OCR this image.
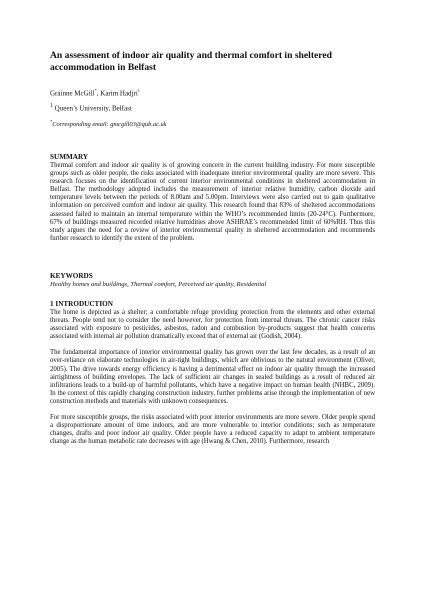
An assessment of indoor air quality and thermal comfort in sheltered accommodation in Belfast
Gráinne McGill*, Karim Hadjri$^1$
$^1$ Queen’s University, Belfast
*Corresponding email: gmcgill03@qub.ac.uk
SUMMARY

Thermal comfort and indoor air quality is of growing concern in the current building industry. For more susceptible groups such as older people, the risks associated with inadequate interior environmental quality are more severe. This research focuses on the identification of current interior environmental conditions in sheltered accommodation in Belfast. The methodology adopted includes the measurement of interior relative humidity, carbon dioxide and temperature levels between the periods of 8.00am and 5.00pm. Interviews were also carried out to gain qualitative information on perceived comfort and indoor air quality. This research found that 83% of sheltered accommodations assessed failed to maintain an internal temperature within the WHO’s recommended limits (20-24°C). Furthermore, 67% of buildings measured recorded relative humidities above ASHRAE’s recommended limit of 60%RH. Thus this study argues the need for a review of interior environmental quality in sheltered accommodation and recommends further research to identify the extent of the problem.

KEYWORDS
Healthy homes and buildings, Thermal comfort, Perceived air quality, Residential
1 INTRODUCTION

The home is depicted as a shelter; a comfortable refuge providing protection from the elements and other external threats. People tend not to consider the need however, for protection from internal threats. The chronic cancer risks associated with exposure to pesticides, asbestos, radon and combustion by-products suggest that health concerns associated with internal air pollution dramatically exceed that of external air (Godish, 2004).

The fundamental importance of interior environmental quality has grown over the last few decades, as a result of an over-reliance on elaborate technologies in air-tight buildings, which are oblivious to the natural environment (Oliver, 2005). The drive towards energy efficiency is having a detrimental effect on indoor air quality through the increased airtightness of building envelopes. The lack of sufficient air changes in sealed buildings as a result of reduced air infiltrations leads to a build-up of harmful pollutants, which have a negative impact on human health (NHBC, 2009). In the context of this rapidly changing construction industry, further problems arise through the implementation of new construction methods and materials with unknown consequences.

For more susceptible groups, the risks associated with poor interior environments are more severe. Older people spend a disproportionate amount of time indoors, and are more vulnerable to interior conditions; such as temperature changes, drafts and poor indoor air quality. Older people have a reduced capacity to adapt to ambient temperature change as the human metabolic rate decreases with age (Hwang & Chen, 2010). Furthermore, research
